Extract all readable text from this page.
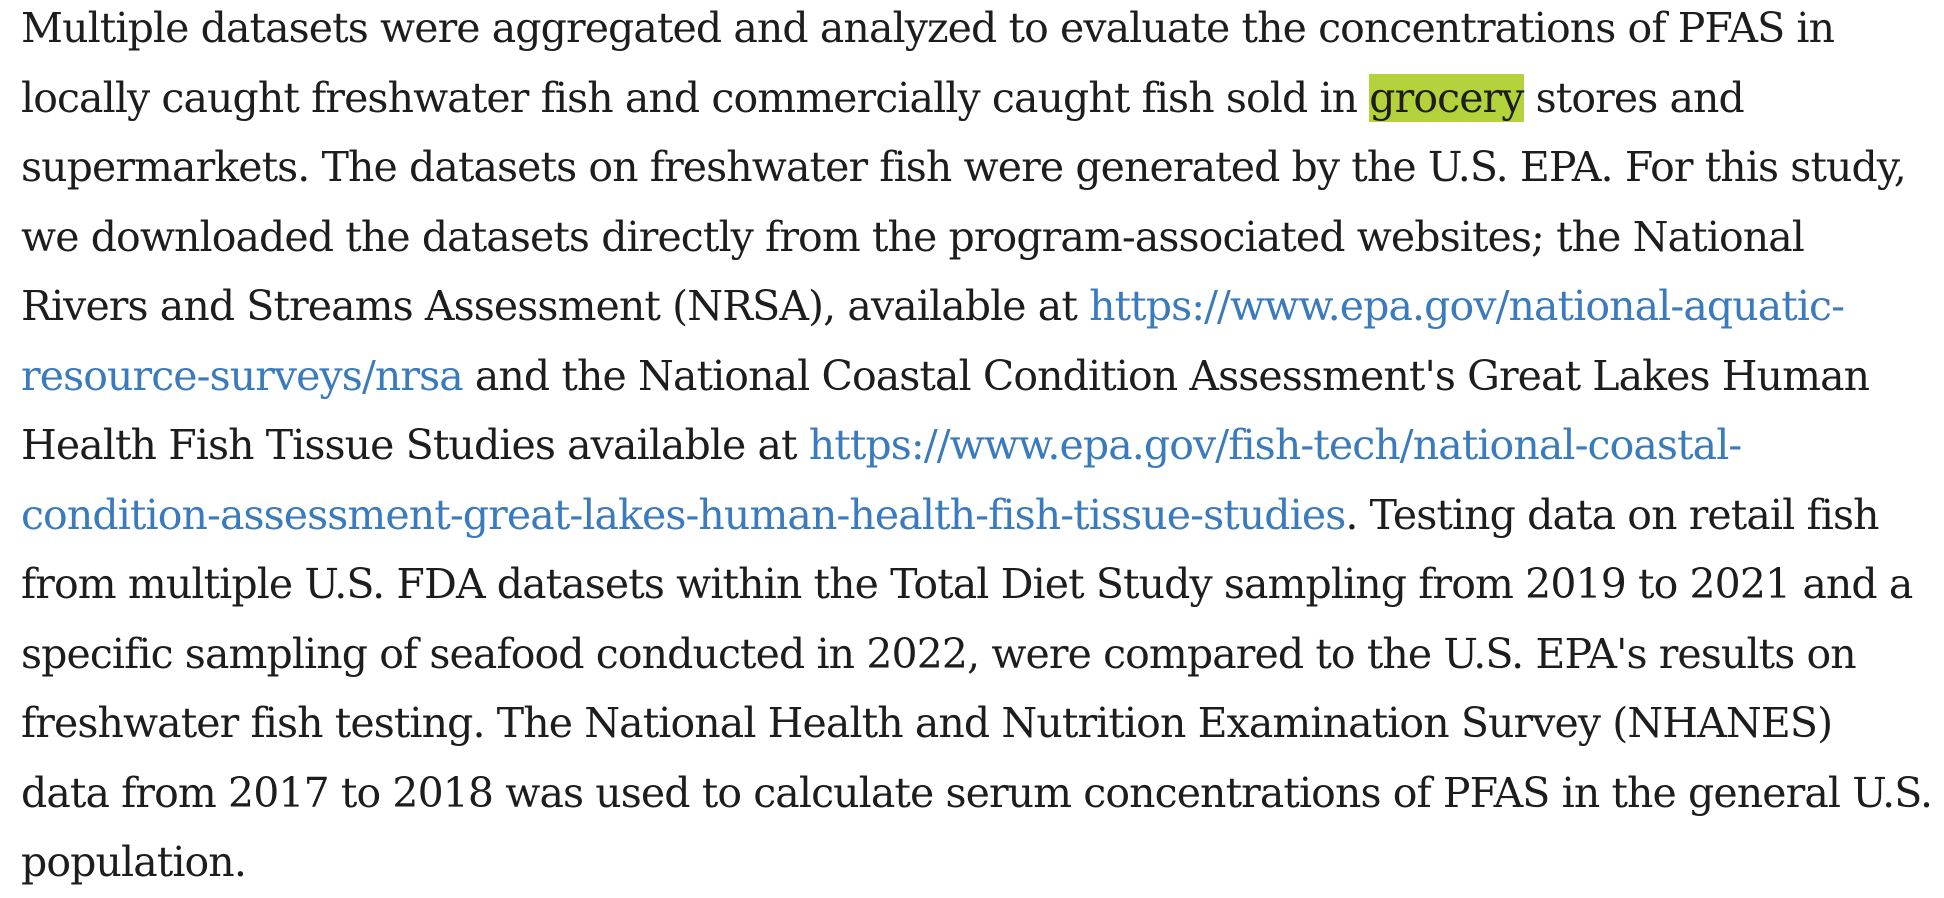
Multiple datasets were aggregated and analyzed to evaluate the concentrations of PFAS in
locally caught freshwater fish and commercially caught fish sold in grocery stores and
supermarkets. The datasets on freshwater fish were generated by the U.S. EPA. For this study,
we downloaded the datasets directly from the program-associated websites; the National
Rivers and Streams Assessment (NRSA), available at https://www.epa.gov/national-aquatic-
resource-surveys/nrsa and the National Coastal Condition Assessment's Great Lakes Human
Health Fish Tissue Studies available at https://www.epa.gov/fish-tech/national-coastal-
condition-assessment-great-lakes-human-health-fish-tissue-studies. Testing data on retail fish
from multiple U.S. FDA datasets within the Total Diet Study sampling from 2019 to 2021 and a
specific sampling of seafood conducted in 2022, were compared to the U.S. EPA's results on
freshwater fish testing. The National Health and Nutrition Examination Survey (NHANES)
data from 2017 to 2018 was used to calculate serum concentrations of PFAS in the general U.S.
population.
